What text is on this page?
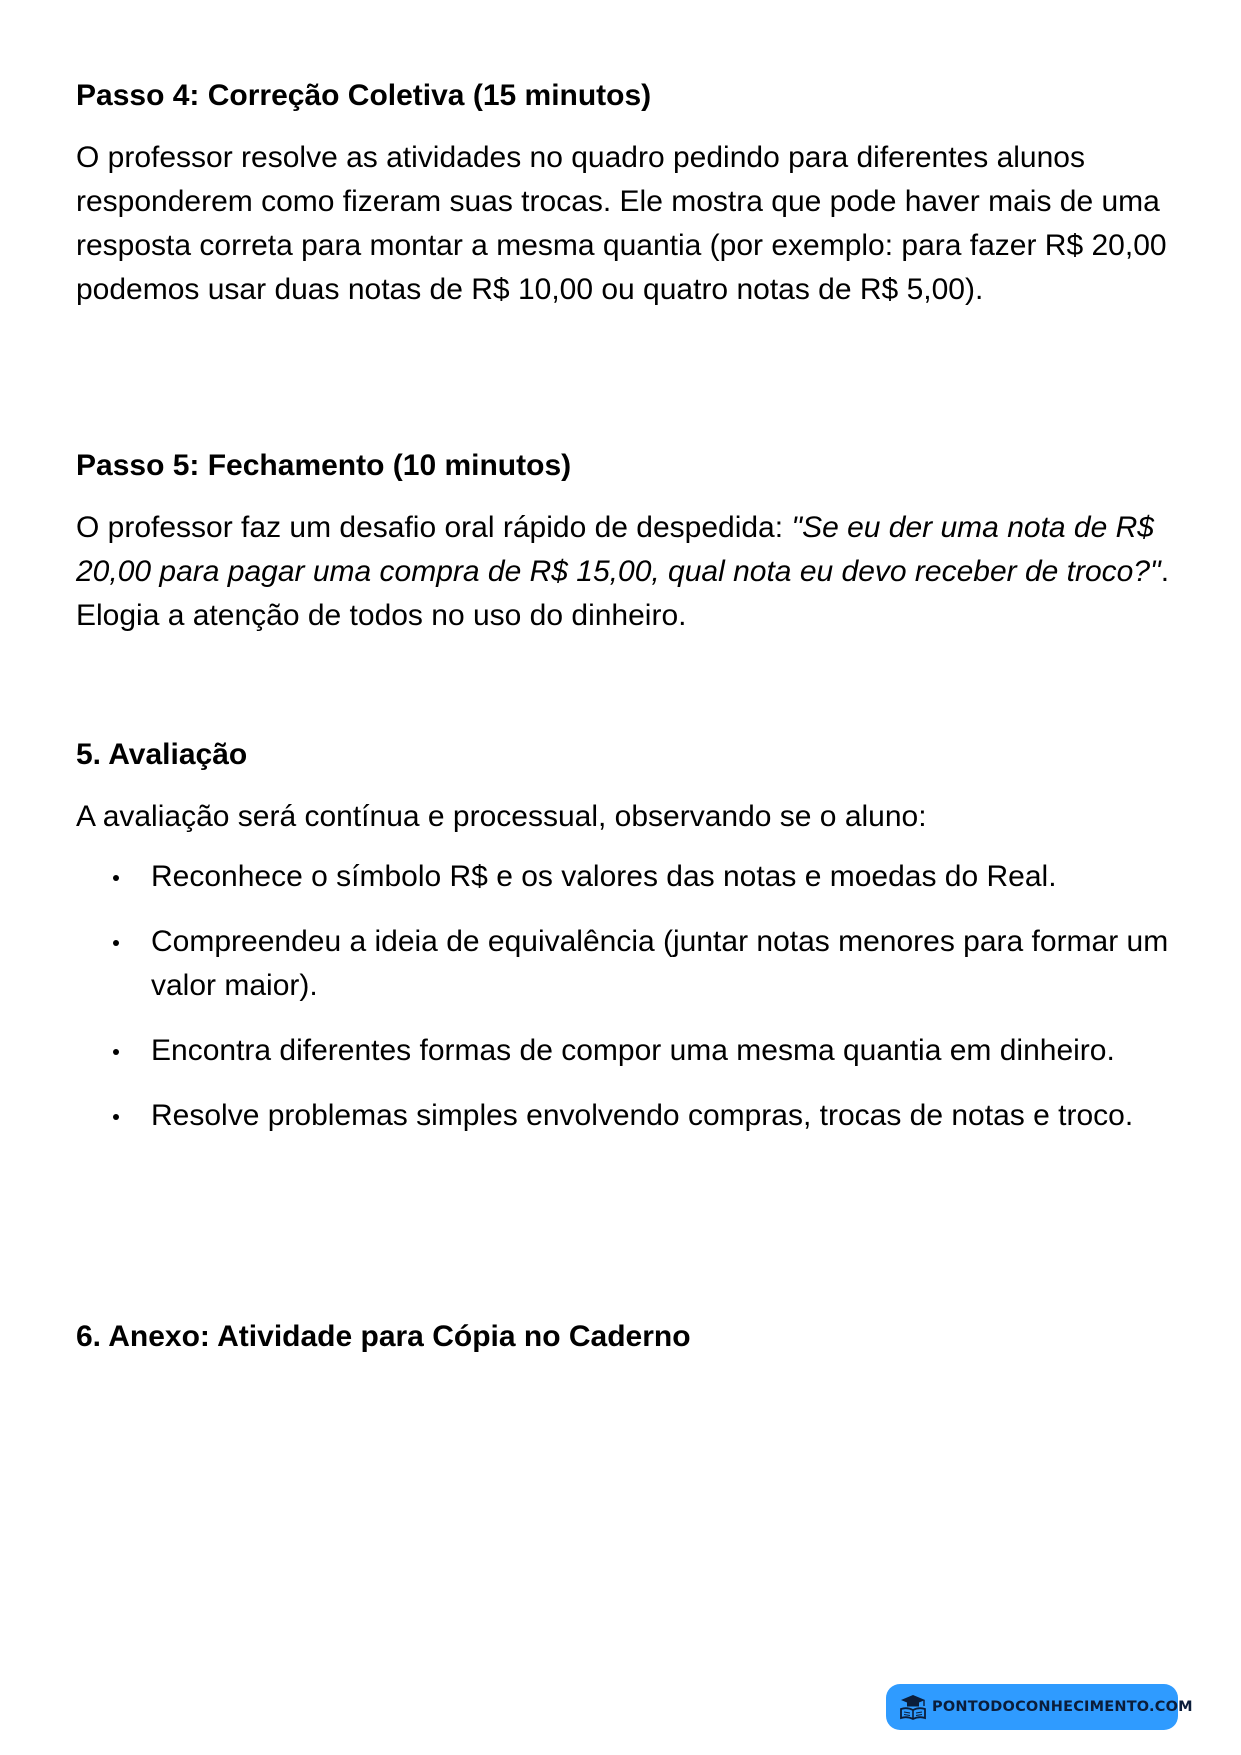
Passo 4: Correção Coletiva (15 minutos)

O professor resolve as atividades no quadro pedindo para diferentes alunos responderem como fizeram suas trocas. Ele mostra que pode haver mais de uma resposta correta para montar a mesma quantia (por exemplo: para fazer R$ 20,00 podemos usar duas notas de R$ 10,00 ou quatro notas de R$ 5,00).

Passo 5: Fechamento (10 minutos)

O professor faz um desafio oral rápido de despedida: "Se eu der uma nota de R$ 20,00 para pagar uma compra de R$ 15,00, qual nota eu devo receber de troco?". Elogia a atenção de todos no uso do dinheiro.

5. Avaliação

A avaliação será contínua e processual, observando se o aluno:

Reconhece o símbolo R$ e os valores das notas e moedas do Real.
Compreendeu a ideia de equivalência (juntar notas menores para formar um valor maior).
Encontra diferentes formas de compor uma mesma quantia em dinheiro.
Resolve problemas simples envolvendo compras, trocas de notas e troco.
6. Anexo: Atividade para Cópia no Caderno
PONTODOCONHECIMENTO.COM
